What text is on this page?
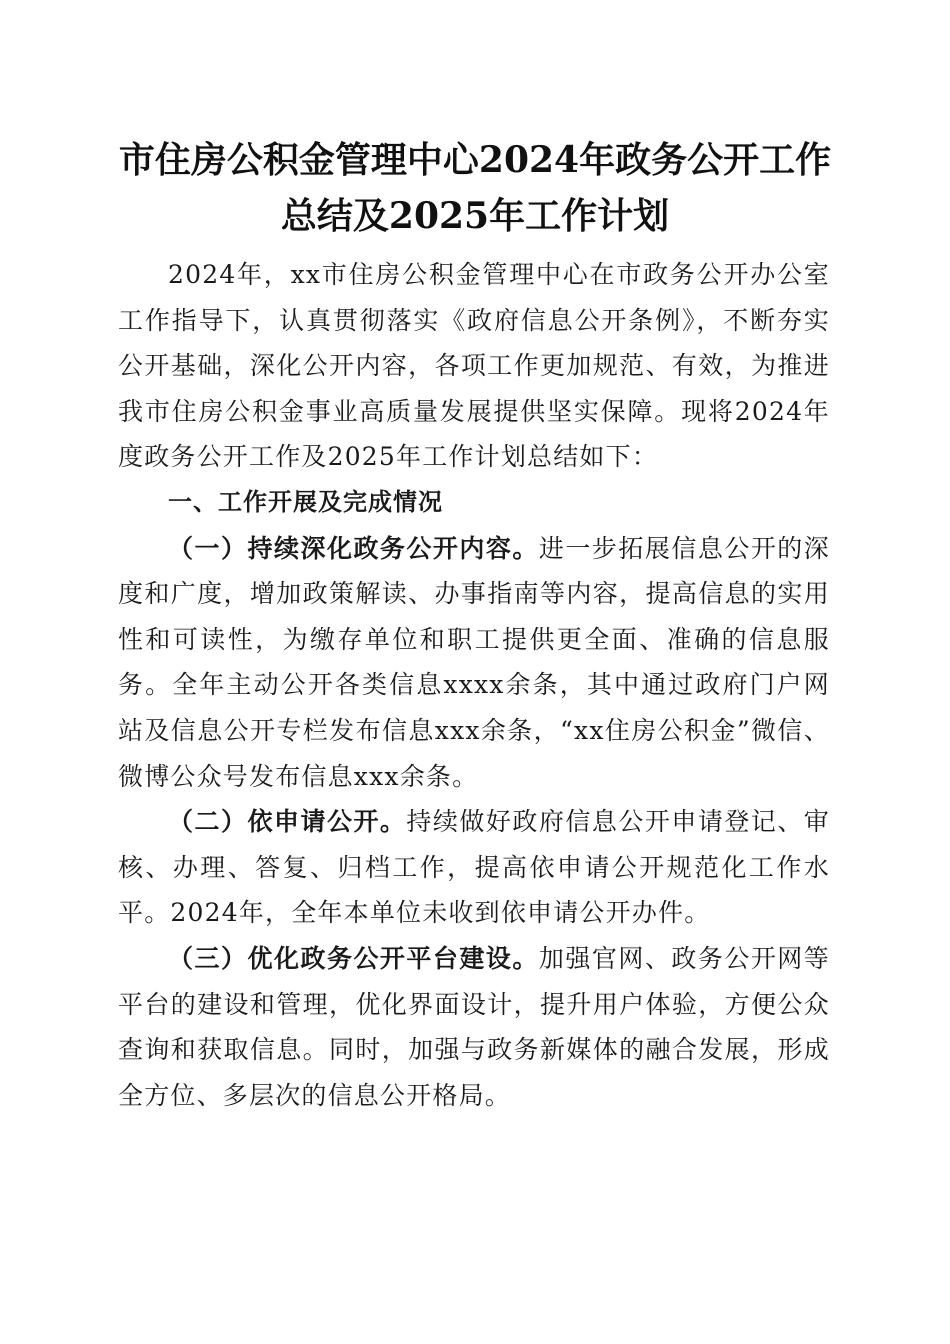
市住房公积金管理中心2024年政务公开工作
总结及2025年工作计划

2024年，xx市住房公积金管理中心在市政务公开办公室工作指导下，认真贯彻落实《政府信息公开条例》，不断夯实公开基础，深化公开内容，各项工作更加规范、有效，为推进我市住房公积金事业高质量发展提供坚实保障。现将2024年度政务公开工作及2025年工作计划总结如下：

一、工作开展及完成情况

（一）持续深化政务公开内容。进一步拓展信息公开的深度和广度，增加政策解读、办事指南等内容，提高信息的实用性和可读性，为缴存单位和职工提供更全面、准确的信息服务。全年主动公开各类信息xxxx余条，其中通过政府门户网站及信息公开专栏发布信息xxx余条，“xx住房公积金”微信、微博公众号发布信息xxx余条。

（二）依申请公开。持续做好政府信息公开申请登记、审核、办理、答复、归档工作，提高依申请公开规范化工作水平。2024年，全年本单位未收到依申请公开办件。

（三）优化政务公开平台建设。加强官网、政务公开网等平台的建设和管理，优化界面设计，提升用户体验，方便公众查询和获取信息。同时，加强与政务新媒体的融合发展，形成全方位、多层次的信息公开格局。
